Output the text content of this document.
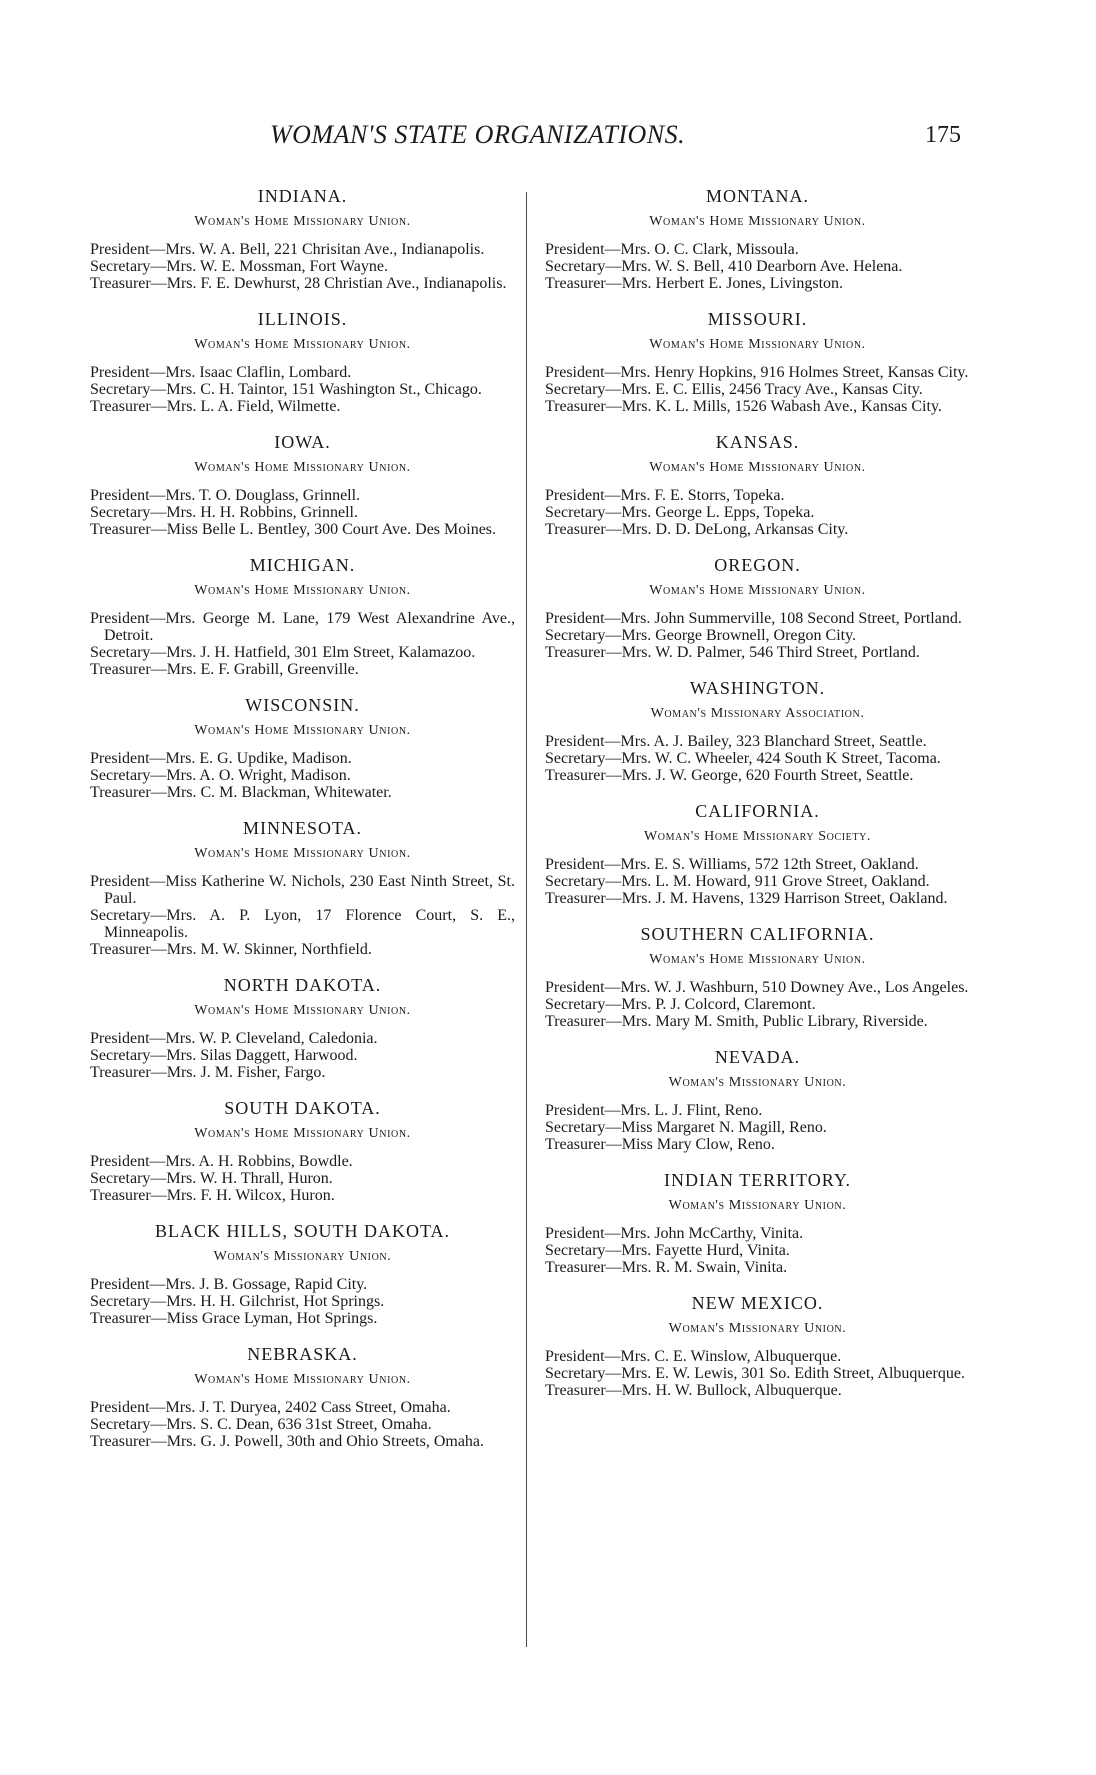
WOMAN'S STATE ORGANIZATIONS.	175
INDIANA.
Woman's Home Missionary Union.

President—Mrs. W. A. Bell, 221 Chrisitan Ave., Indianapolis.

Secretary—Mrs. W. E. Mossman, Fort Wayne.

Treasurer—Mrs. F. E. Dewhurst, 28 Christian Ave., Indianapolis.

ILLINOIS.
Woman's Home Missionary Union.

President—Mrs. Isaac Claflin, Lombard.

Secretary—Mrs. C. H. Taintor, 151 Washington St., Chicago.

Treasurer—Mrs. L. A. Field, Wilmette.

IOWA.
Woman's Home Missionary Union.

President—Mrs. T. O. Douglass, Grinnell.

Secretary—Mrs. H. H. Robbins, Grinnell.

Treasurer—Miss Belle L. Bentley, 300 Court Ave. Des Moines.

MICHIGAN.
Woman's Home Missionary Union.

President—Mrs. George M. Lane, 179 West Alexandrine Ave., Detroit.

Secretary—Mrs. J. H. Hatfield, 301 Elm Street, Kalamazoo.

Treasurer—Mrs. E. F. Grabill, Greenville.

WISCONSIN.
Woman's Home Missionary Union.

President—Mrs. E. G. Updike, Madison.

Secretary—Mrs. A. O. Wright, Madison.

Treasurer—Mrs. C. M. Blackman, Whitewater.

MINNESOTA.
Woman's Home Missionary Union.

President—Miss Katherine W. Nichols, 230 East Ninth Street, St. Paul.

Secretary—Mrs. A. P. Lyon, 17 Florence Court, S. E., Minneapolis.

Treasurer—Mrs. M. W. Skinner, Northfield.

NORTH DAKOTA.
Woman's Home Missionary Union.

President—Mrs. W. P. Cleveland, Caledonia.

Secretary—Mrs. Silas Daggett, Harwood.

Treasurer—Mrs. J. M. Fisher, Fargo.

SOUTH DAKOTA.
Woman's Home Missionary Union.

President—Mrs. A. H. Robbins, Bowdle.

Secretary—Mrs. W. H. Thrall, Huron.

Treasurer—Mrs. F. H. Wilcox, Huron.

BLACK HILLS, SOUTH DAKOTA.
Woman's Missionary Union.

President—Mrs. J. B. Gossage, Rapid City.

Secretary—Mrs. H. H. Gilchrist, Hot Springs.

Treasurer—Miss Grace Lyman, Hot Springs.

NEBRASKA.
Woman's Home Missionary Union.

President—Mrs. J. T. Duryea, 2402 Cass Street, Omaha.

Secretary—Mrs. S. C. Dean, 636 31st Street, Omaha.

Treasurer—Mrs. G. J. Powell, 30th and Ohio Streets, Omaha.

MONTANA.
Woman's Home Missionary Union.

President—Mrs. O. C. Clark, Missoula.

Secretary—Mrs. W. S. Bell, 410 Dearborn Ave. Helena.

Treasurer—Mrs. Herbert E. Jones, Livingston.

MISSOURI.
Woman's Home Missionary Union.

President—Mrs. Henry Hopkins, 916 Holmes Street, Kansas City.

Secretary—Mrs. E. C. Ellis, 2456 Tracy Ave., Kansas City.

Treasurer—Mrs. K. L. Mills, 1526 Wabash Ave., Kansas City.

KANSAS.
Woman's Home Missionary Union.

President—Mrs. F. E. Storrs, Topeka.

Secretary—Mrs. George L. Epps, Topeka.

Treasurer—Mrs. D. D. DeLong, Arkansas City.

OREGON.
Woman's Home Missionary Union.

President—Mrs. John Summerville, 108 Second Street, Portland.

Secretary—Mrs. George Brownell, Oregon City.

Treasurer—Mrs. W. D. Palmer, 546 Third Street, Portland.

WASHINGTON.
Woman's Missionary Association.

President—Mrs. A. J. Bailey, 323 Blanchard Street, Seattle.

Secretary—Mrs. W. C. Wheeler, 424 South K Street, Tacoma.

Treasurer—Mrs. J. W. George, 620 Fourth Street, Seattle.

CALIFORNIA.
Woman's Home Missionary Society.

President—Mrs. E. S. Williams, 572 12th Street, Oakland.

Secretary—Mrs. L. M. Howard, 911 Grove Street, Oakland.

Treasurer—Mrs. J. M. Havens, 1329 Harrison Street, Oakland.

SOUTHERN CALIFORNIA.
Woman's Home Missionary Union.

President—Mrs. W. J. Washburn, 510 Downey Ave., Los Angeles.

Secretary—Mrs. P. J. Colcord, Claremont.

Treasurer—Mrs. Mary M. Smith, Public Library, Riverside.

NEVADA.
Woman's Missionary Union.

President—Mrs. L. J. Flint, Reno.

Secretary—Miss Margaret N. Magill, Reno.

Treasurer—Miss Mary Clow, Reno.

INDIAN TERRITORY.
Woman's Missionary Union.

President—Mrs. John McCarthy, Vinita.

Secretary—Mrs. Fayette Hurd, Vinita.

Treasurer—Mrs. R. M. Swain, Vinita.

NEW MEXICO.
Woman's Missionary Union.

President—Mrs. C. E. Winslow, Albuquerque.

Secretary—Mrs. E. W. Lewis, 301 So. Edith Street, Albuquerque.

Treasurer—Mrs. H. W. Bullock, Albuquerque.
